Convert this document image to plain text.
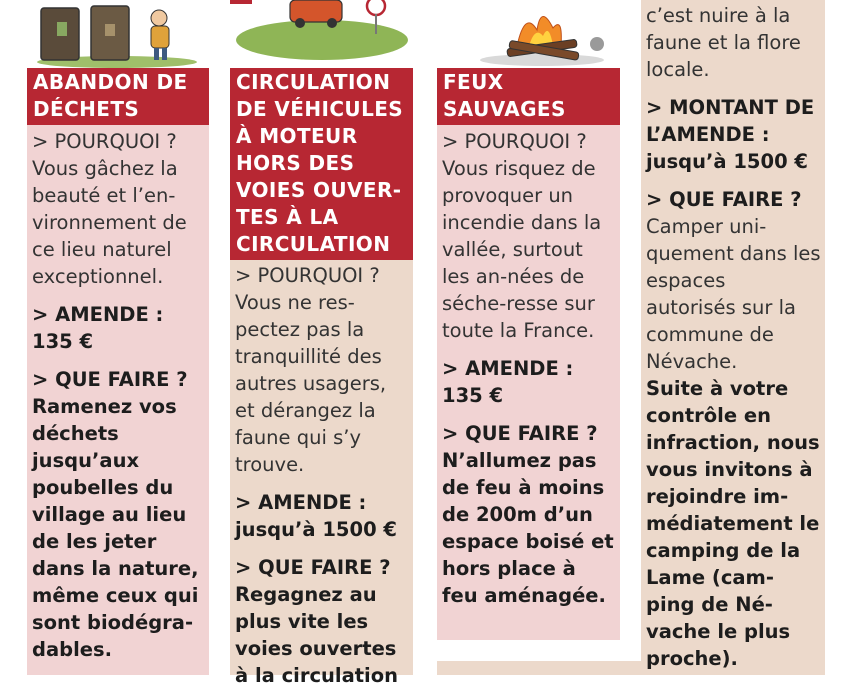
ABANDON DE DÉCHETS

> POURQUOI ?

Vous gâchez la beauté et l’en-vironnement de ce lieu naturel exceptionnel.

> AMENDE :

135 €

> QUE FAIRE ?

Ramenez vos déchets jusqu’aux poubelles du village au lieu de les jeter dans la nature, même ceux qui sont biodégra-dables.

CIRCULATION DE VÉHICULES À MOTEUR HORS DES VOIES OUVER-TES À LA CIRCULATION

> POURQUOI ?

Vous ne res-pectez pas la tranquillité des autres usagers, et dérangez la faune qui s’y trouve.

> AMENDE :

jusqu’à 1500 €

> QUE FAIRE ?

Regagnez au plus vite les voies ouvertes à la circulation

FEUX SAUVAGES

> POURQUOI ?

Vous risquez de provoquer un incendie dans la vallée, surtout les an-nées de séche-resse sur toute la France.

> AMENDE :

135 €

> QUE FAIRE ?

N’allumez pas de feu à moins de 200m d’un espace boisé et hors place à feu aménagée.

c’est nuire à la faune et la flore locale.

> MONTANT DE L’AMENDE :

jusqu’à 1500 €

> QUE FAIRE ?

Camper uni-quement dans les espaces autorisés sur la commune de Névache.

Suite à votre contrôle en infraction, nous vous invitons à rejoindre im-médiatement le camping de la Lame (cam-ping de Né-vache le plus proche).
